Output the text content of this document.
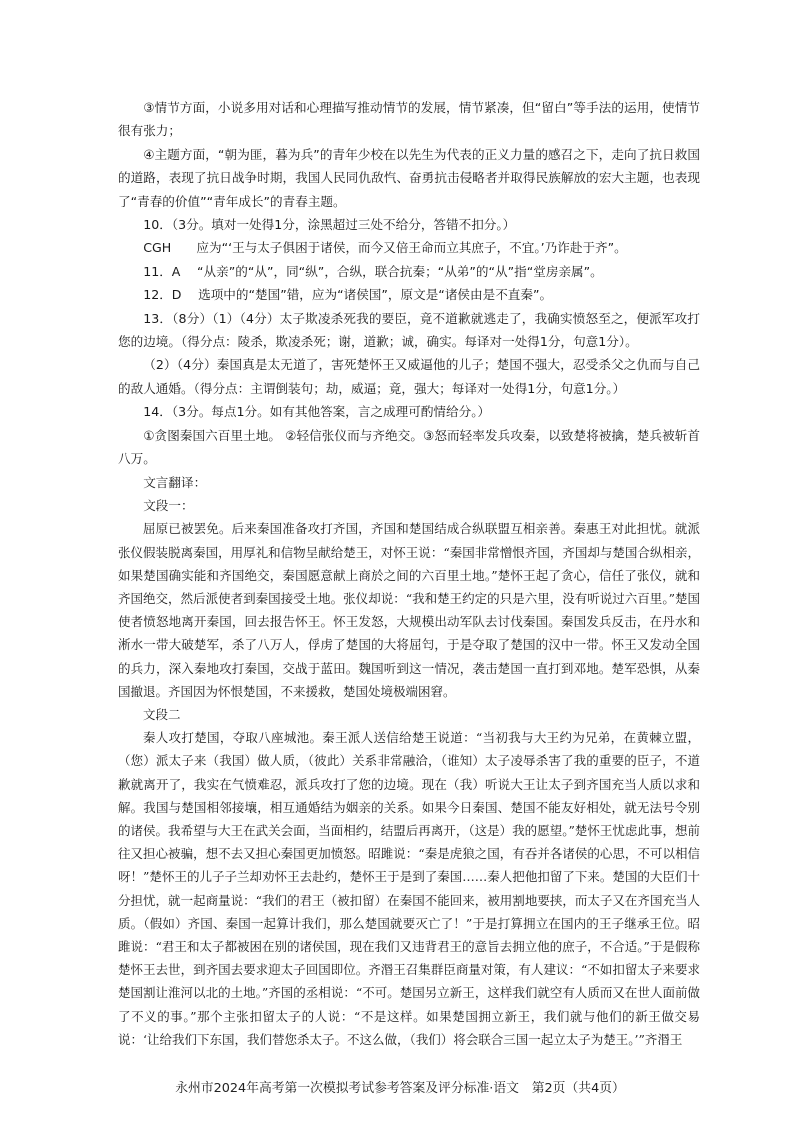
③情节方面，小说多用对话和心理描写推动情节的发展，情节紧凑，但“留白”等手法的运用，使情节很有张力；

④主题方面，“朝为匪，暮为兵”的青年少校在以先生为代表的正义力量的感召之下，走向了抗日救国的道路，表现了抗日战争时期，我国人民同仇敌忾、奋勇抗击侵略者并取得民族解放的宏大主题，也表现了“青春的价值”“青年成长”的青春主题。

10．（3分。填对一处得1分，涂黑超过三处不给分，答错不扣分。）

CGH　　应为“‘王与太子俱困于诸侯，而今又倍王命而立其庶子，不宜。’乃诈赴于齐”。

11．A　 “从亲”的“从”，同“纵”，合纵，联合抗秦；“从弟”的“从”指“堂房亲属”。

12．D　 选项中的“楚国”错，应为“诸侯国”，原文是“诸侯由是不直秦”。

13．（8分）（1）（4分）太子欺凌杀死我的要臣，竟不道歉就逃走了，我确实愤怒至之，便派军攻打您的边境。（得分点：陵杀，欺凌杀死；谢，道歉；诚，确实。每译对一处得1分，句意1分）。

（2）（4分）秦国真是太无道了，害死楚怀王又威逼他的儿子；楚国不强大，忍受杀父之仇而与自己的敌人通婚。（得分点：主谓倒装句；劫，威逼；竟，强大；每译对一处得1分，句意1分。）

14．（3分。每点1分。如有其他答案，言之成理可酌情给分。）

①贪图秦国六百里土地。 ②轻信张仪而与齐绝交。③怒而轻率发兵攻秦，以致楚将被擒，楚兵被斩首八万。

文言翻译：

文段一：

屈原已被罢免。后来秦国准备攻打齐国，齐国和楚国结成合纵联盟互相亲善。秦惠王对此担忧。就派张仪假装脱离秦国，用厚礼和信物呈献给楚王，对怀王说：“秦国非常憎恨齐国，齐国却与楚国合纵相亲，如果楚国确实能和齐国绝交，秦国愿意献上商於之间的六百里土地。”楚怀王起了贪心，信任了张仪，就和齐国绝交，然后派使者到秦国接受土地。张仪却说：“我和楚王约定的只是六里，没有听说过六百里。”楚国使者愤怒地离开秦国，回去报告怀王。怀王发怒，大规模出动军队去讨伐秦国。秦国发兵反击，在丹水和淅水一带大破楚军，杀了八万人，俘虏了楚国的大将屈匄，于是夺取了楚国的汉中一带。怀王又发动全国的兵力，深入秦地攻打秦国，交战于蓝田。魏国听到这一情况，袭击楚国一直打到邓地。楚军恐惧，从秦国撤退。齐国因为怀恨楚国，不来援救，楚国处境极端困窘。

文段二

秦人攻打楚国，夺取八座城池。秦王派人送信给楚王说道：“当初我与大王约为兄弟，在黄棘立盟，（您）派太子来（我国）做人质，（彼此）关系非常融洽，（谁知）太子凌辱杀害了我的重要的臣子，不道歉就离开了，我实在气愤难忍，派兵攻打了您的边境。现在（我）听说大王让太子到齐国充当人质以求和解。我国与楚国相邻接壤，相互通婚结为姻亲的关系。如果今日秦国、楚国不能友好相处，就无法号令别的诸侯。我希望与大王在武关会面，当面相约，结盟后再离开，（这是）我的愿望。”楚怀王忧虑此事，想前往又担心被骗，想不去又担心秦国更加愤怒。昭雎说：“秦是虎狼之国，有吞并各诸侯的心思，不可以相信呀！”楚怀王的儿子子兰却劝怀王去赴约，楚怀王于是到了秦国……秦人把他扣留了下来。楚国的大臣们十分担忧，就一起商量说：“我们的君王（被扣留）在秦国不能回来，被用割地要挟，而太子又在齐国充当人质。（假如）齐国、秦国一起算计我们，那么楚国就要灭亡了！”于是打算拥立在国内的王子继承王位。昭雎说：“君王和太子都被困在别的诸侯国，现在我们又违背君王的意旨去拥立他的庶子，不合适。”于是假称楚怀王去世，到齐国去要求迎太子回国即位。齐湣王召集群臣商量对策，有人建议：“不如扣留太子来要求楚国割让淮河以北的土地。”齐国的丞相说：“不可。楚国另立新王，这样我们就空有人质而又在世人面前做了不义的事。”那个主张扣留太子的人说：“不是这样。如果楚国拥立新王，我们就与他们的新王做交易说：‘让给我们下东国，我们替您杀太子。不这么做，（我们）将会联合三国一起立太子为楚王。’”齐湣王

永州市2024年高考第一次模拟考试参考答案及评分标准·语文　第2页（共4页）
